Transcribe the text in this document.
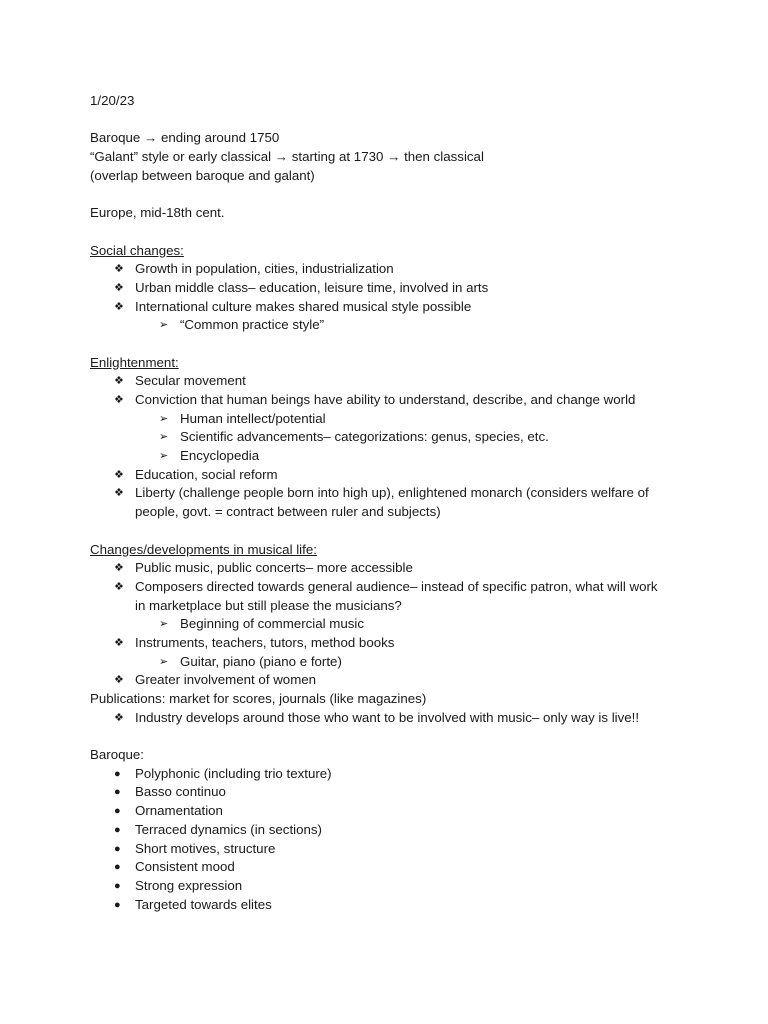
1/20/23
Baroque → ending around 1750
“Galant” style or early classical → starting at 1730 → then classical
(overlap between baroque and galant)
Europe, mid-18th cent.
Social changes:
❖ Growth in population, cities, industrialization
❖ Urban middle class– education, leisure time, involved in arts
❖ International culture makes shared musical style possible
➢ “Common practice style”
Enlightenment:
❖ Secular movement
❖ Conviction that human beings have ability to understand, describe, and change world
➢ Human intellect/potential
➢ Scientific advancements– categorizations: genus, species, etc.
➢ Encyclopedia
❖ Education, social reform
❖ Liberty (challenge people born into high up), enlightened monarch (considers welfare of
people, govt. = contract between ruler and subjects)
Changes/developments in musical life:
❖ Public music, public concerts– more accessible
❖ Composers directed towards general audience– instead of specific patron, what will work
in marketplace but still please the musicians?
➢ Beginning of commercial music
❖ Instruments, teachers, tutors, method books
➢ Guitar, piano (piano e forte)
❖ Greater involvement of women
Publications: market for scores, journals (like magazines)
❖ Industry develops around those who want to be involved with music– only way is live!!
Baroque:
● Polyphonic (including trio texture)
● Basso continuo
● Ornamentation
● Terraced dynamics (in sections)
● Short motives, structure
● Consistent mood
● Strong expression
● Targeted towards elites
